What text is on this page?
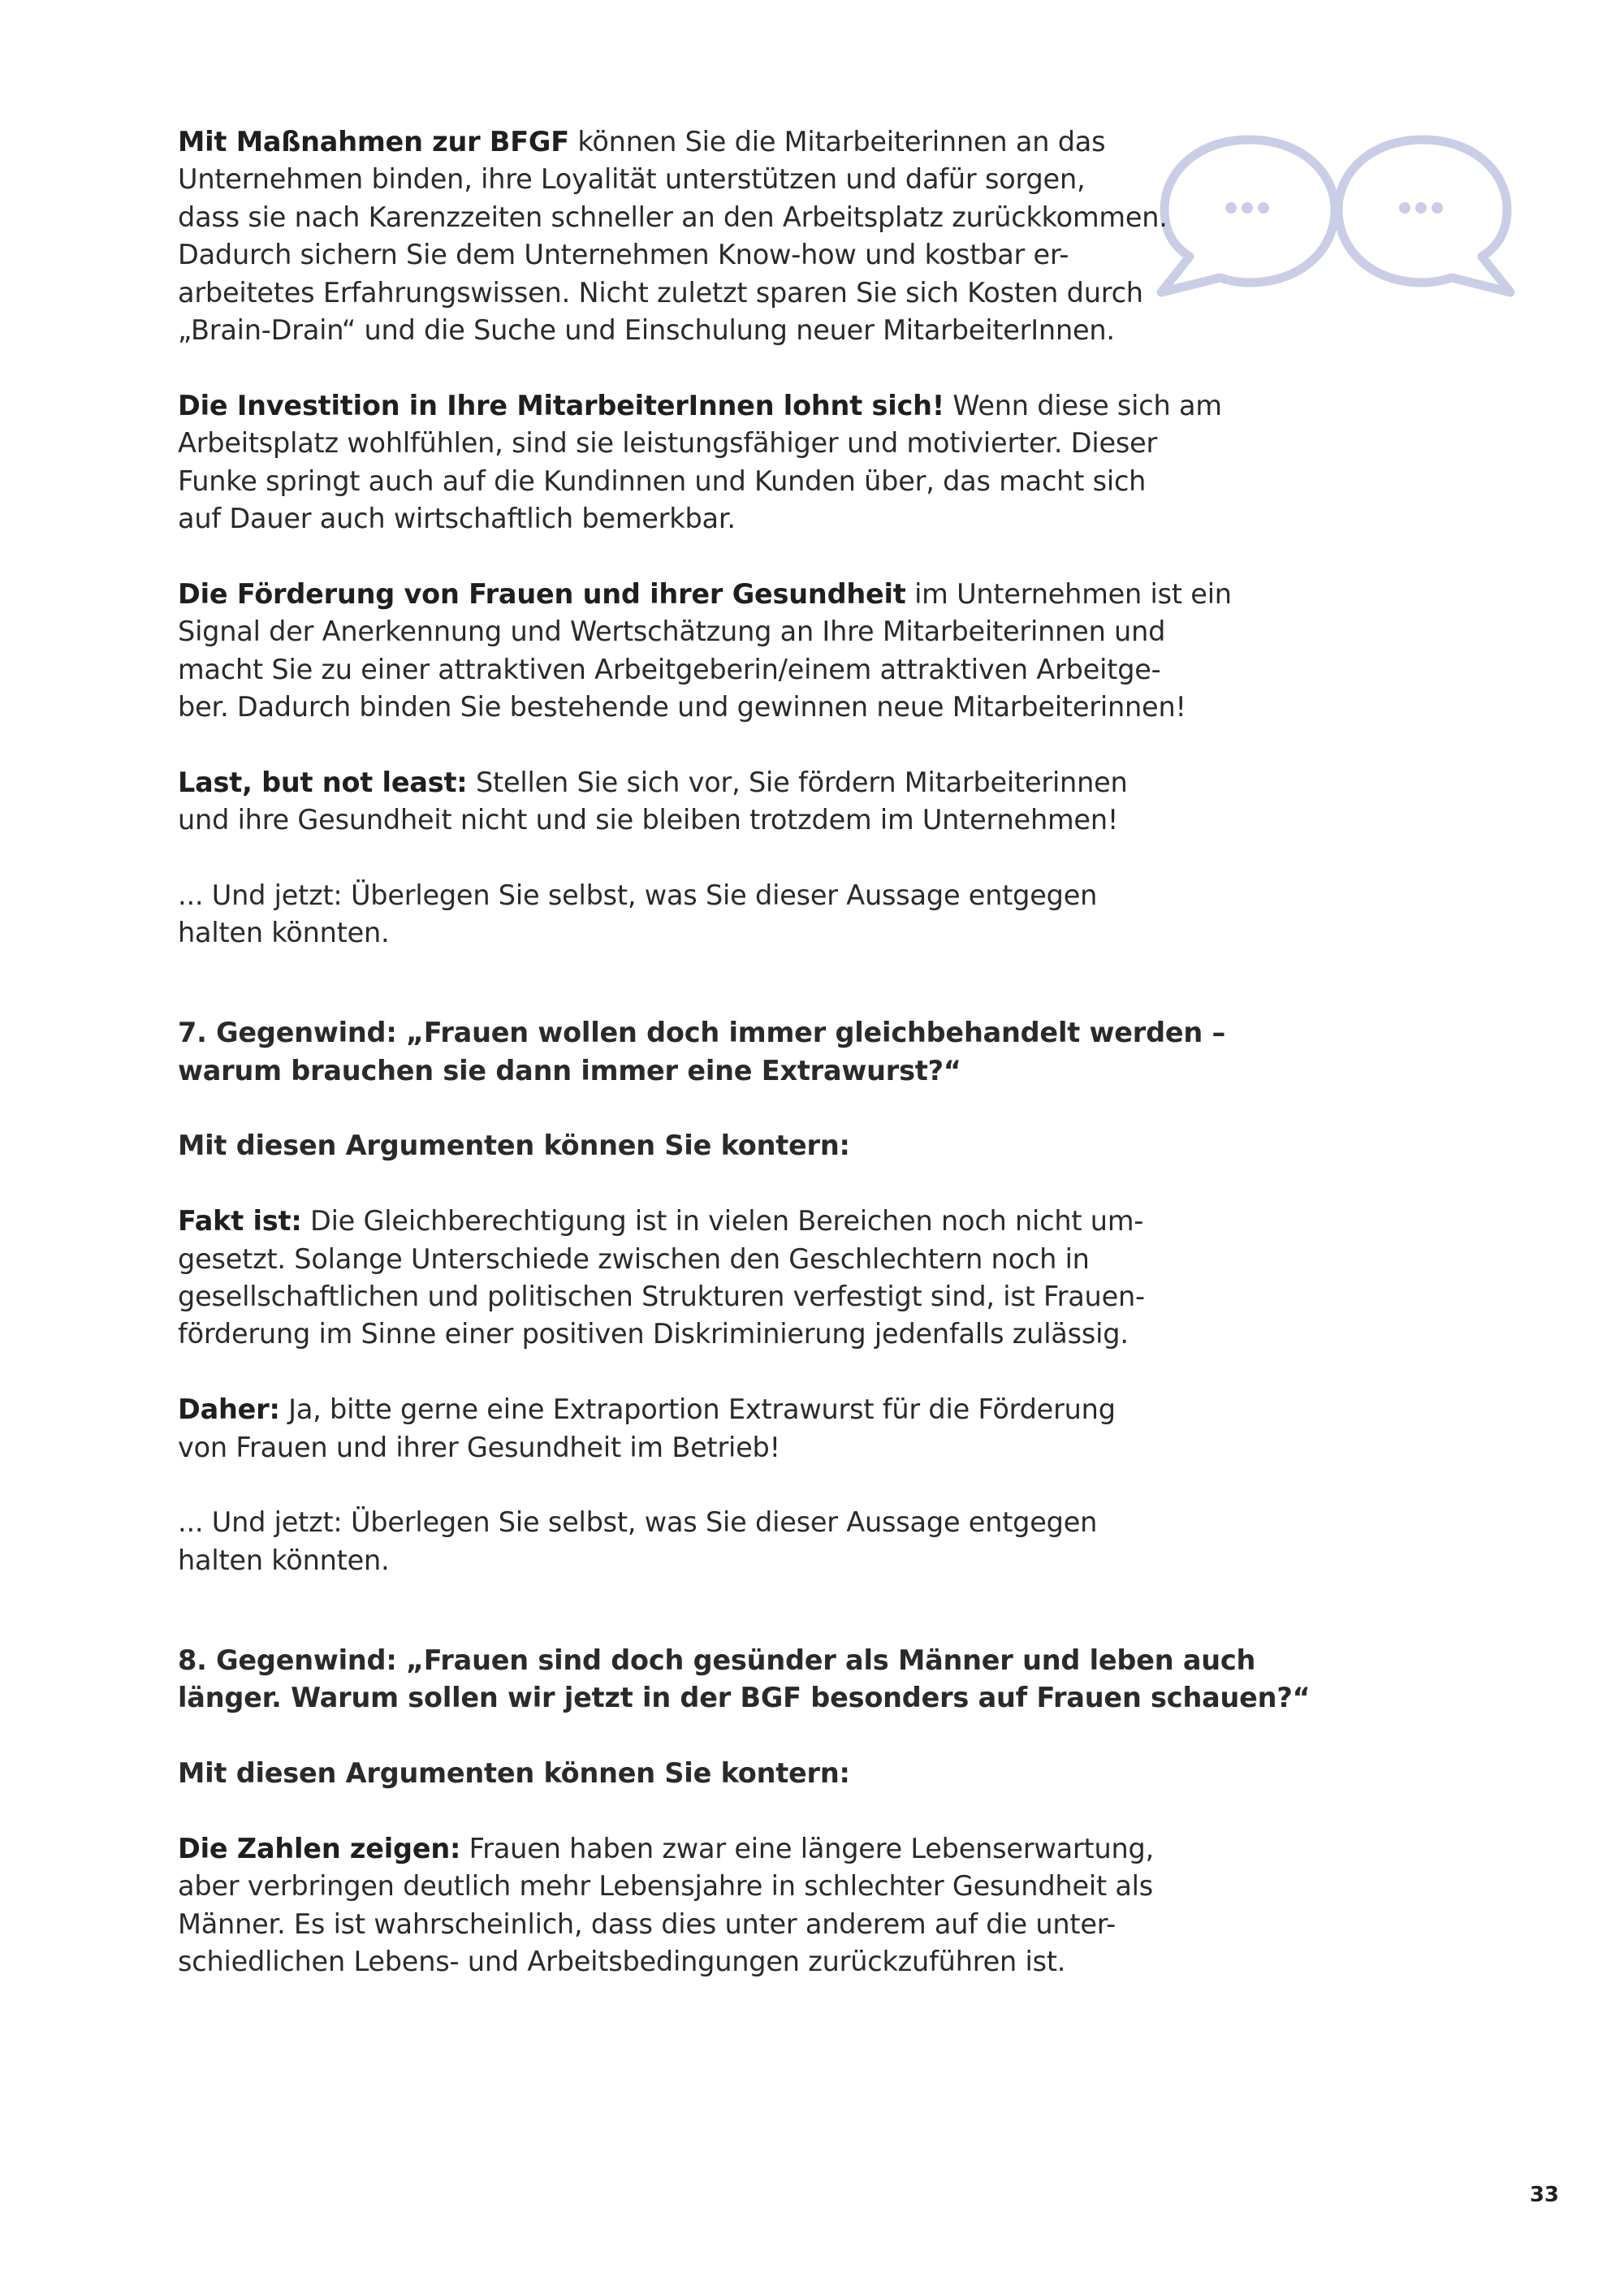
Mit Maßnahmen zur BFGF können Sie die Mitarbeiterinnen an das
Unternehmen binden, ihre Loyalität unterstützen und dafür sorgen,
dass sie nach Karenzzeiten schneller an den Arbeitsplatz zurückkommen.
Dadurch sichern Sie dem Unternehmen Know-how und kostbar er-
arbeitetes Erfahrungswissen. Nicht zuletzt sparen Sie sich Kosten durch
„Brain-Drain“ und die Suche und Einschulung neuer MitarbeiterInnen.

Die Investition in Ihre MitarbeiterInnen lohnt sich! Wenn diese sich am
Arbeitsplatz wohlfühlen, sind sie leistungsfähiger und motivierter. Dieser
Funke springt auch auf die Kundinnen und Kunden über, das macht sich
auf Dauer auch wirtschaftlich bemerkbar.

Die Förderung von Frauen und ihrer Gesundheit im Unternehmen ist ein
Signal der Anerkennung und Wertschätzung an Ihre Mitarbeiterinnen und
macht Sie zu einer attraktiven Arbeitgeberin/einem attraktiven Arbeitge-
ber. Dadurch binden Sie bestehende und gewinnen neue Mitarbeiterinnen!

Last, but not least: Stellen Sie sich vor, Sie fördern Mitarbeiterinnen
und ihre Gesundheit nicht und sie bleiben trotzdem im Unternehmen!

... Und jetzt: Überlegen Sie selbst, was Sie dieser Aussage entgegen
halten könnten.

7. Gegenwind: „Frauen wollen doch immer gleichbehandelt werden –
warum brauchen sie dann immer eine Extrawurst?“

Mit diesen Argumenten können Sie kontern:

Fakt ist: Die Gleichberechtigung ist in vielen Bereichen noch nicht um-
gesetzt. Solange Unterschiede zwischen den Geschlechtern noch in
gesellschaftlichen und politischen Strukturen verfestigt sind, ist Frauen-
förderung im Sinne einer positiven Diskriminierung jedenfalls zulässig.

Daher: Ja, bitte gerne eine Extraportion Extrawurst für die Förderung
von Frauen und ihrer Gesundheit im Betrieb!

... Und jetzt: Überlegen Sie selbst, was Sie dieser Aussage entgegen
halten könnten.

8. Gegenwind: „Frauen sind doch gesünder als Männer und leben auch
länger. Warum sollen wir jetzt in der BGF besonders auf Frauen schauen?“

Mit diesen Argumenten können Sie kontern:

Die Zahlen zeigen: Frauen haben zwar eine längere Lebenserwartung,
aber verbringen deutlich mehr Lebensjahre in schlechter Gesundheit als
Männer. Es ist wahrscheinlich, dass dies unter anderem auf die unter-
schiedlichen Lebens- und Arbeitsbedingungen zurückzuführen ist.

33
